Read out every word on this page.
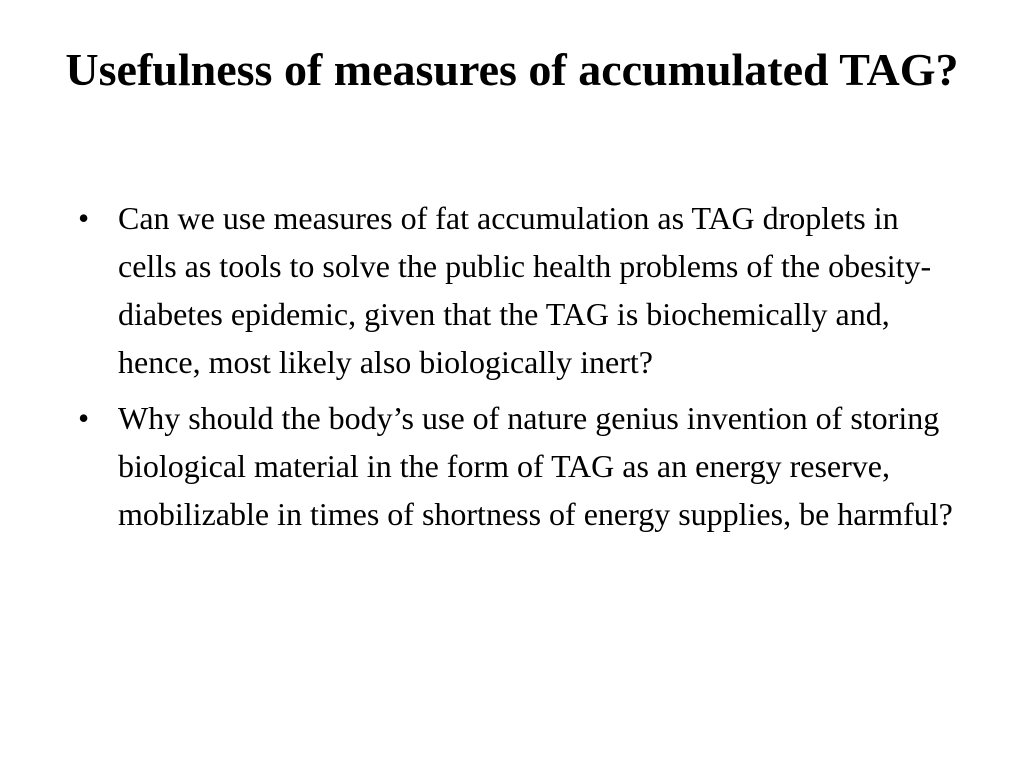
Usefulness of measures of accumulated TAG?
• Can we use measures of fat accumulation as TAG droplets in cells as tools to solve the public health problems of the obesity-diabetes epidemic, given that the TAG is biochemically and, hence, most likely also biologically inert?
• Why should the body’s use of nature genius invention of storing biological material in the form of TAG as an energy reserve, mobilizable in times of shortness of energy supplies, be harmful?
